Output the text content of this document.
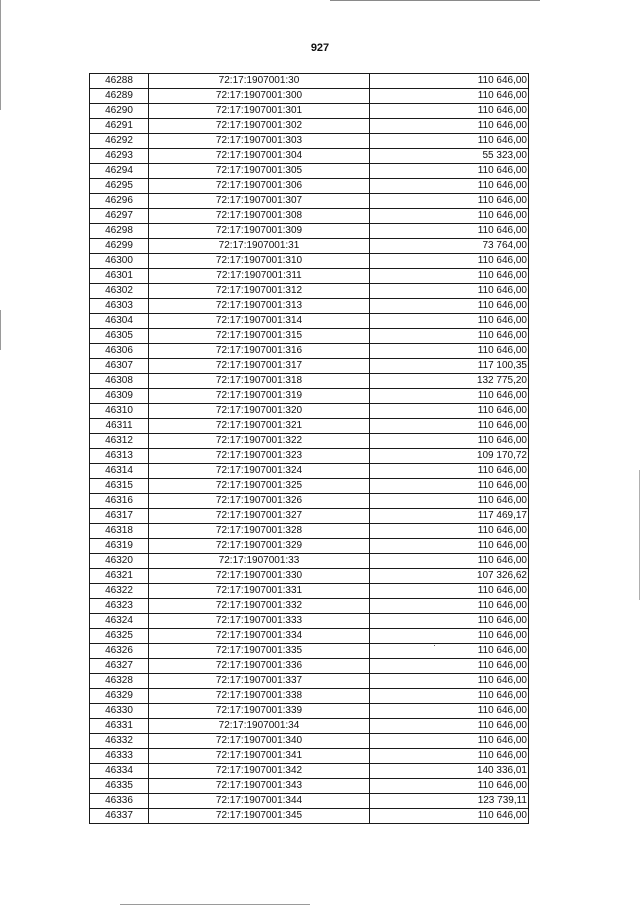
927
46288	72:17:1907001:30	110 646,00
46289	72:17:1907001:300	110 646,00
46290	72:17:1907001:301	110 646,00
46291	72:17:1907001:302	110 646,00
46292	72:17:1907001:303	110 646,00
46293	72:17:1907001:304	55 323,00
46294	72:17:1907001:305	110 646,00
46295	72:17:1907001:306	110 646,00
46296	72:17:1907001:307	110 646,00
46297	72:17:1907001:308	110 646,00
46298	72:17:1907001:309	110 646,00
46299	72:17:1907001:31	73 764,00
46300	72:17:1907001:310	110 646,00
46301	72:17:1907001:311	110 646,00
46302	72:17:1907001:312	110 646,00
46303	72:17:1907001:313	110 646,00
46304	72:17:1907001:314	110 646,00
46305	72:17:1907001:315	110 646,00
46306	72:17:1907001:316	110 646,00
46307	72:17:1907001:317	117 100,35
46308	72:17:1907001:318	132 775,20
46309	72:17:1907001:319	110 646,00
46310	72:17:1907001:320	110 646,00
46311	72:17:1907001:321	110 646,00
46312	72:17:1907001:322	110 646,00
46313	72:17:1907001:323	109 170,72
46314	72:17:1907001:324	110 646,00
46315	72:17:1907001:325	110 646,00
46316	72:17:1907001:326	110 646,00
46317	72:17:1907001:327	117 469,17
46318	72:17:1907001:328	110 646,00
46319	72:17:1907001:329	110 646,00
46320	72:17:1907001:33	110 646,00
46321	72:17:1907001:330	107 326,62
46322	72:17:1907001:331	110 646,00
46323	72:17:1907001:332	110 646,00
46324	72:17:1907001:333	110 646,00
46325	72:17:1907001:334	110 646,00
46326	72:17:1907001:335	110 646,00
46327	72:17:1907001:336	110 646,00
46328	72:17:1907001:337	110 646,00
46329	72:17:1907001:338	110 646,00
46330	72:17:1907001:339	110 646,00
46331	72:17:1907001:34	110 646,00
46332	72:17:1907001:340	110 646,00
46333	72:17:1907001:341	110 646,00
46334	72:17:1907001:342	140 336,01
46335	72:17:1907001:343	110 646,00
46336	72:17:1907001:344	123 739,11
46337	72:17:1907001:345	110 646,00
